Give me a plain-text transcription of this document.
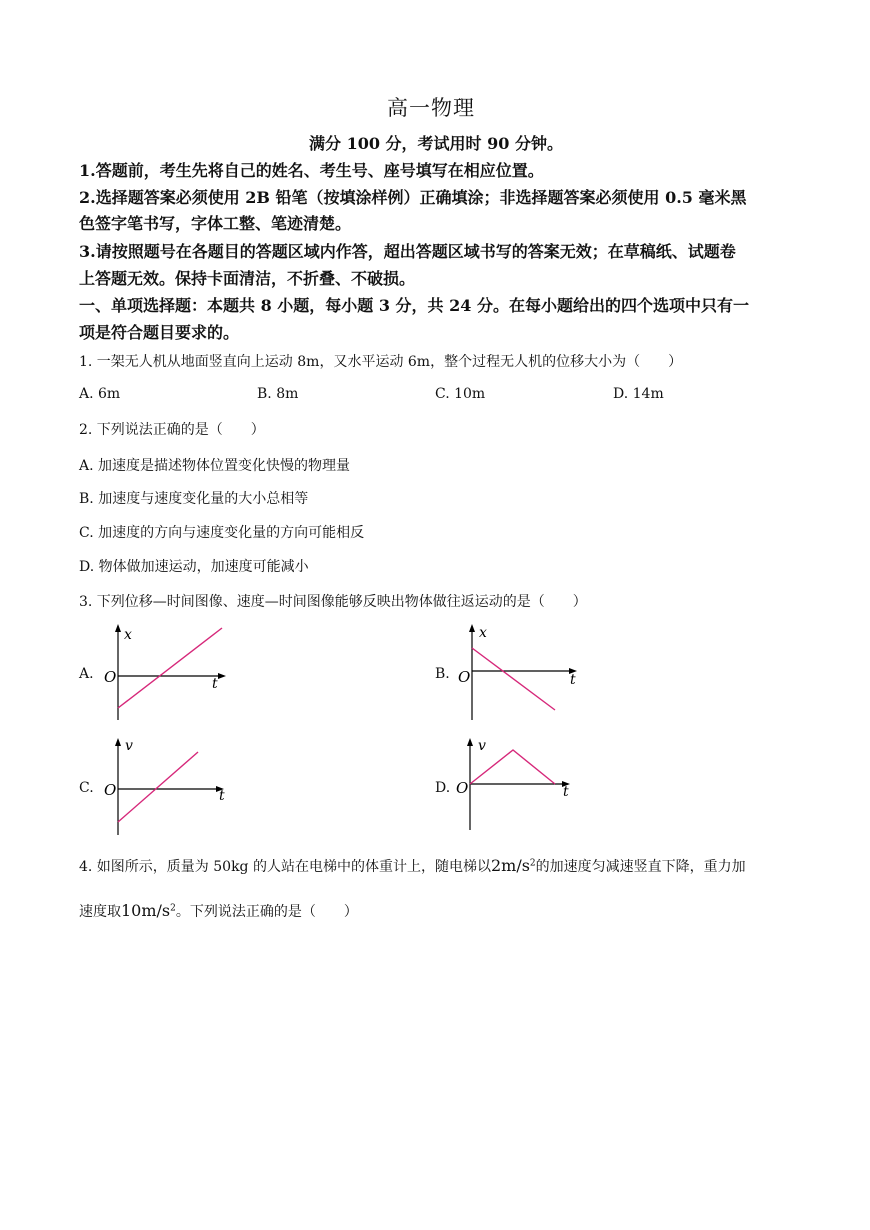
高一物理
满分 100 分，考试用时 90 分钟。
1.答题前，考生先将自己的姓名、考生号、座号填写在相应位置。
2.选择题答案必须使用 2B 铅笔（按填涂样例）正确填涂；非选择题答案必须使用 0.5 毫米黑
色签字笔书写，字体工整、笔迹清楚。
3.请按照题号在各题目的答题区域内作答，超出答题区域书写的答案无效；在草稿纸、试题卷
上答题无效。保持卡面清洁，不折叠、不破损。
一、单项选择题：本题共 8 小题，每小题 3 分，共 24 分。在每小题给出的四个选项中只有一
项是符合题目要求的。
1. 一架无人机从地面竖直向上运动 8m，又水平运动 6m，整个过程无人机的位移大小为（　　）
A. 6m	B. 8m	C. 10m	D. 14m
2. 下列说法正确的是（　　）
A. 加速度是描述物体位置变化快慢的物理量
B. 加速度与速度变化量的大小总相等
C. 加速度的方向与速度变化量的方向可能相反
D. 物体做加速运动，加速度可能减小
3. 下列位移—时间图像、速度—时间图像能够反映出物体做往返运动的是（　　）
A.
x
O	t
B.
x
O	t
C.
v
O	t	D.
v
O	t
4. 如图所示，质量为 50kg 的人站在电梯中的体重计上，随电梯以$2m/s^2$的加速度匀减速竖直下降，重力加
速度取$10m/s^2$。下列说法正确的是（　　）
